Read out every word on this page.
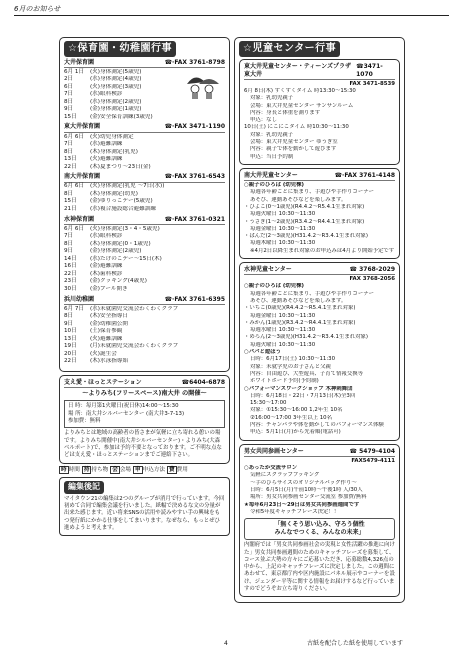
6月のお知らせ
☆保育園・幼稚園行事
大井保育園	☎·FAX 3761-8798
6月 1日	(火) 身体測定(5歳児)
2日	(水) 身体測定(4歳児)
6日	(火) 身体測定(3歳児)
7日	(水) 眼科検診
8日	(水) 身体測定(2歳児)
9日	(金) 身体測定(1歳児)
15日	(金) 安全保育訓練(3歳児)
東大井保育園	☎·FAX 3471-1190
6月 6日	(火) 幼児身体測定
7日	(水) 避難訓練
8日	(木) 身体測定(乳児)
13日	(火) 避難訓練
22日	(木) 夏まつり〜23日(金)
南大井保育園	☎·FAX 3761-6543
6月 6日	(火) 身体測定(乳児 〜7日(水))
8日	(木) 身体測定(幼児)
15日	(金) ゆりっこデー(5歳児)
21日	(水) 複合施設総合避難訓練
水神保育園	☎·FAX 3761-0321
6月 6日	(火) 身体測定(3・4・5歳児)
7日	(水) 眼科検診
8日	(木) 身体測定(0・1歳児)
9日	(金) 身体測定(2歳児)
14日	(水) たけのこデー〜15日(木)
16日	(金) 避難訓練
22日	(木) 歯科検診
23日	(金) クッキング(4歳児)
30日	(金) プール開き
浜川幼稚園	☎·FAX 3761-6395
6月 7日	(水) 未就園児交流会わくわくクラブ
8日	(木) 安全指導日
9日	(金) 幼稚園公開
10日	(土) 保育参観
13日	(火) 避難訓練
19日	(月) 未就園児交流会わくわくクラブ
20日	(火) 誕生会
22日	(木) 水泳指導始
支え愛・ほっとステーション	☎6404-6878
〜よりみち(フリースペース)南大井 の開催〜
日 時：毎月第1火曜日(祝日休)14:00〜15:30
場 所：南大井シルバーセンター (南大井3-7-13)
参加費：無料
よりみちとは地域の高齢者の皆さまが気軽に立ち寄れる憩いの場です。よりみち開催中(南大井シルバーセンター)・よりみち(大森ベルポート)で、参加は予約不要となっております。ご不明な点などは支え愛・ほっとステーションまでご連絡下さい。
時 時間 持 持ち物 会 会場 申 申込方法 費 費用
編集後記

マイタウン21の編集は2つのグループが消月で行っています。今回初めて合同で編集会議を行いました。紙幅で決めるな文の分量が出来た感じます。近い将来SNSの活用や読みやすい手の興味をもつ発行紙にかかる仕事をしてまいります。なぜなら、もっとぜひ進めようと考えます。

☆児童センター行事
東大井児童センター・ティーンズプラザ東大井
☎3471-1070
FAX 3471-8539
6月 8日(木) すくすくタイム 時13:30〜15:30
対象：乳幼児親子
会場：東大井児童センター サンサンルーム
内容：身長と体重を測ります
申込：なし
10日(土) にこにこタイム 時10:30〜11:30
対象：乳幼児親子
会場：東大井児童センター ゆうぎ室
内容：親子で体を動かして遊びます
申込：当日予約制
南大井児童センター	☎·FAX 3761-4148
○親子のひろば (幼児棟)
毎週各年齢ごとに集まり、手遊びや手作りコーナー
あそび、運動あそびなどを楽しみます。
・ひよこ(0〜1歳児)(R4.4.2〜R5.4.1生まれ対象)
毎週火曜日 10:30〜11:30
・うさぎ(1〜2歳児)(R3.4.2〜R4.4.1生まれ対象)
毎週金曜日 10:30〜11:30
・ぱんだ(2〜3歳児)(H31.4.2〜R3.4.1生まれ対象)
毎週木曜日 10:30〜11:30
※4月2日以降生まれ対象のお申込みは4月より開始予定です
水神児童センター	☎ 3768-2029
FAX 3768-2056
○親子のひろば (幼児棟)
毎週各年齢ごとに集まり、手遊びや手作りコーナー
あそび、運動あそびなどを楽しみます。
・いちご(0歳児)(R4.4.2〜R5.4.1生まれ対象)
毎週金曜日 10:30〜11:30
・みかん(1歳児)(R3.4.2〜R4.4.1生まれ対象)
毎週水曜日 10:30〜11:30
・めろん(2〜3歳児)(H31.4.2〜R3.4.1生まれ対象)
毎週火曜日 10:30〜11:30
○パパと遊ぼう
日時：6月17日(土) 10:30〜11:30
対象：未就学児のお子さんと父親
内容：自由遊び、大型遊具、子育て情報交換等
ホワイトボード予約(予約制)
○パフォーマンスワークショップ 木神刺舞団
日時：6月18日・22日・7月13日(木)全3回
15:30〜17:00
対象：①15:30〜16:00 1,2年生 10名
②16:00〜17:00 3年生以上 10名
内容：チャンバラや体を動かしてのパフォーマンス体験
申込：5月1日(月)から先着順(電話可)
男女共同参画センター	☎ 5479-4104
FAX5479-4111
○あったか交流サロン
気軽にスクラップブッキング
〜手のひらサイズのオリジナルバッグ作り〜
日時：6月5日(月)午前10時〜午後1時 人/30人
場所：男女共同参画センター交流室 参加費/無料
★毎年6月23日〜29日は男女共同参画週間です
令和5年度キャッチフレーズ決定！！
「無くそう思い込み、守ろう個性
みんなでつくる、みんなの未来」
内閣府では「男女共同参画社会の実現と女性活躍の推進に向けた」男女共同参画週間のためのキャッチフレーズを募集して、コース並ぶ大勢の方々にご応募いただき、応募総数4,326点の中から、上記のキャッチフレーズに決定しました。この週間にあわせて、東京都庁内や区内施設にパネル展示やコーナーを設け、ジェンダー平等に関する情報をお届けするなど行っていますのでどうぞお立ち寄りください。
4	古紙を配合した紙を使用しています
